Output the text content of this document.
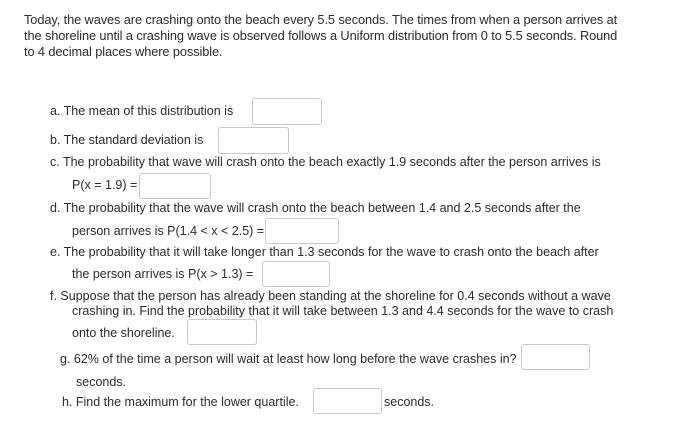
Today, the waves are crashing onto the beach every 5.5 seconds. The times from when a person arrives at
the shoreline until a crashing wave is observed follows a Uniform distribution from 0 to 5.5 seconds. Round
to 4 decimal places where possible.
a. The mean of this distribution is
b. The standard deviation is
c. The probability that wave will crash onto the beach exactly 1.9 seconds after the person arrives is
P(x = 1.9) =
d. The probability that the wave will crash onto the beach between 1.4 and 2.5 seconds after the
person arrives is P(1.4 < x < 2.5) =
e. The probability that it will take longer than 1.3 seconds for the wave to crash onto the beach after
the person arrives is P(x > 1.3) =
f. Suppose that the person has already been standing at the shoreline for 0.4 seconds without a wave
crashing in. Find the probability that it will take between 1.3 and 4.4 seconds for the wave to crash
onto the shoreline.
g. 62% of the time a person will wait at least how long before the wave crashes in?
seconds.
h. Find the maximum for the lower quartile.	seconds.
